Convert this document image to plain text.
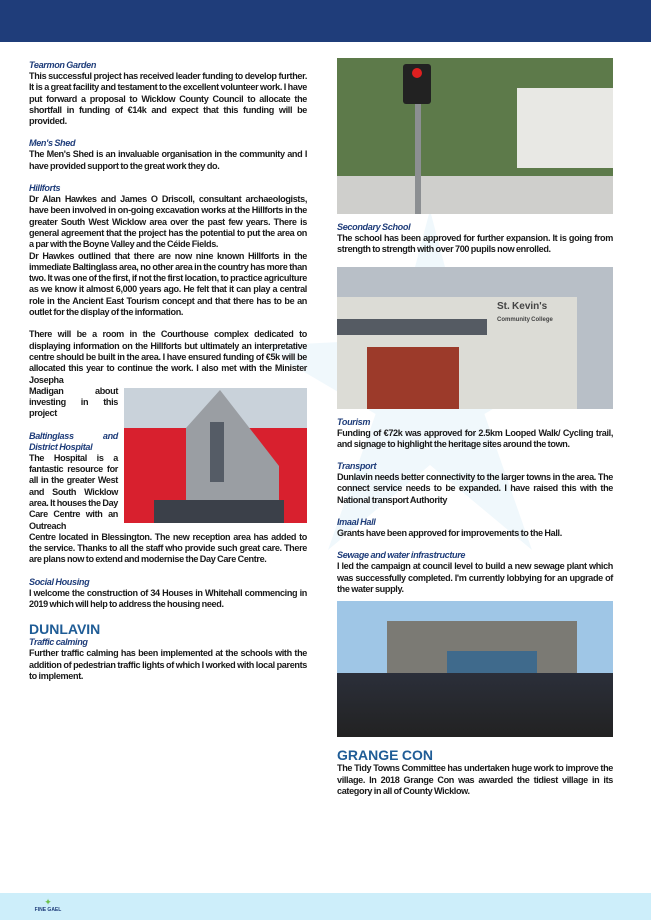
Tearmon Garden
This successful project has received leader funding to develop further. It is a great facility and testament to the excellent volunteer work. I have put forward a proposal to Wicklow County Council to allocate the shortfall in funding of €14k and expect that this funding will be provided.
Men's Shed
The Men's Shed is an invaluable organisation in the community and I have provided support to the great work they do.
Hillforts
Dr Alan Hawkes and James O Driscoll, consultant archaeologists, have been involved in on-going excavation works at the Hillforts in the greater South West Wicklow area over the past few years. There is general agreement that the project has the potential to put the area on a par with the Boyne Valley and the Céide Fields.
Dr Hawkes outlined that there are now nine known Hillforts in the immediate Baltinglass area, no other area in the country has more than two. It was one of the first, if not the first location, to practice agriculture as we know it almost 6,000 years ago. He felt that it can play a central role in the Ancient East Tourism concept and that there has to be an outlet for the display of the information.
There will be a room in the Courthouse complex dedicated to displaying information on the Hillforts but ultimately an interpretative centre should be built in the area. I have ensured funding of €5k will be allocated this year to continue the work. I also met with the Minister Josepha
Madigan about investing in this project
Baltinglass and District Hospital
The Hospital is a fantastic resource for all in the greater West and South Wicklow area. It houses the Day Care Centre with an Outreach
Centre located in Blessington. The new reception area has added to the service. Thanks to all the staff who provide such great care. There are plans now to extend and modernise the Day Care Centre.
Social Housing
I welcome the construction of 34 Houses in Whitehall commencing in 2019 which will help to address the housing need.
DUNLAVIN
Traffic calming
Further traffic calming has been implemented at the schools with the addition of pedestrian traffic lights of which I worked with local parents to implement.
Secondary School
The school has been approved for further expansion. It is going from strength to strength with over 700 pupils now enrolled.
St. Kevin's
Community College
Tourism
Funding of €72k was approved for 2.5km Looped Walk/ Cycling trail, and signage to highlight the heritage sites around the town.
Transport
Dunlavin needs better connectivity to the larger towns in the area. The connect service needs to be expanded. I have raised this with the National transport Authority
Imaal Hall
Grants have been approved for improvements to the Hall.
Sewage and water infrastructure
I led the campaign at council level to build a new sewage plant which was successfully completed. I'm currently lobbying for an upgrade of the water supply.
GRANGE CON
The Tidy Towns Committee has undertaken huge work to improve the village. In 2018 Grange Con was awarded the tidiest village in its category in all of County Wicklow.
✦
FINE GAEL
